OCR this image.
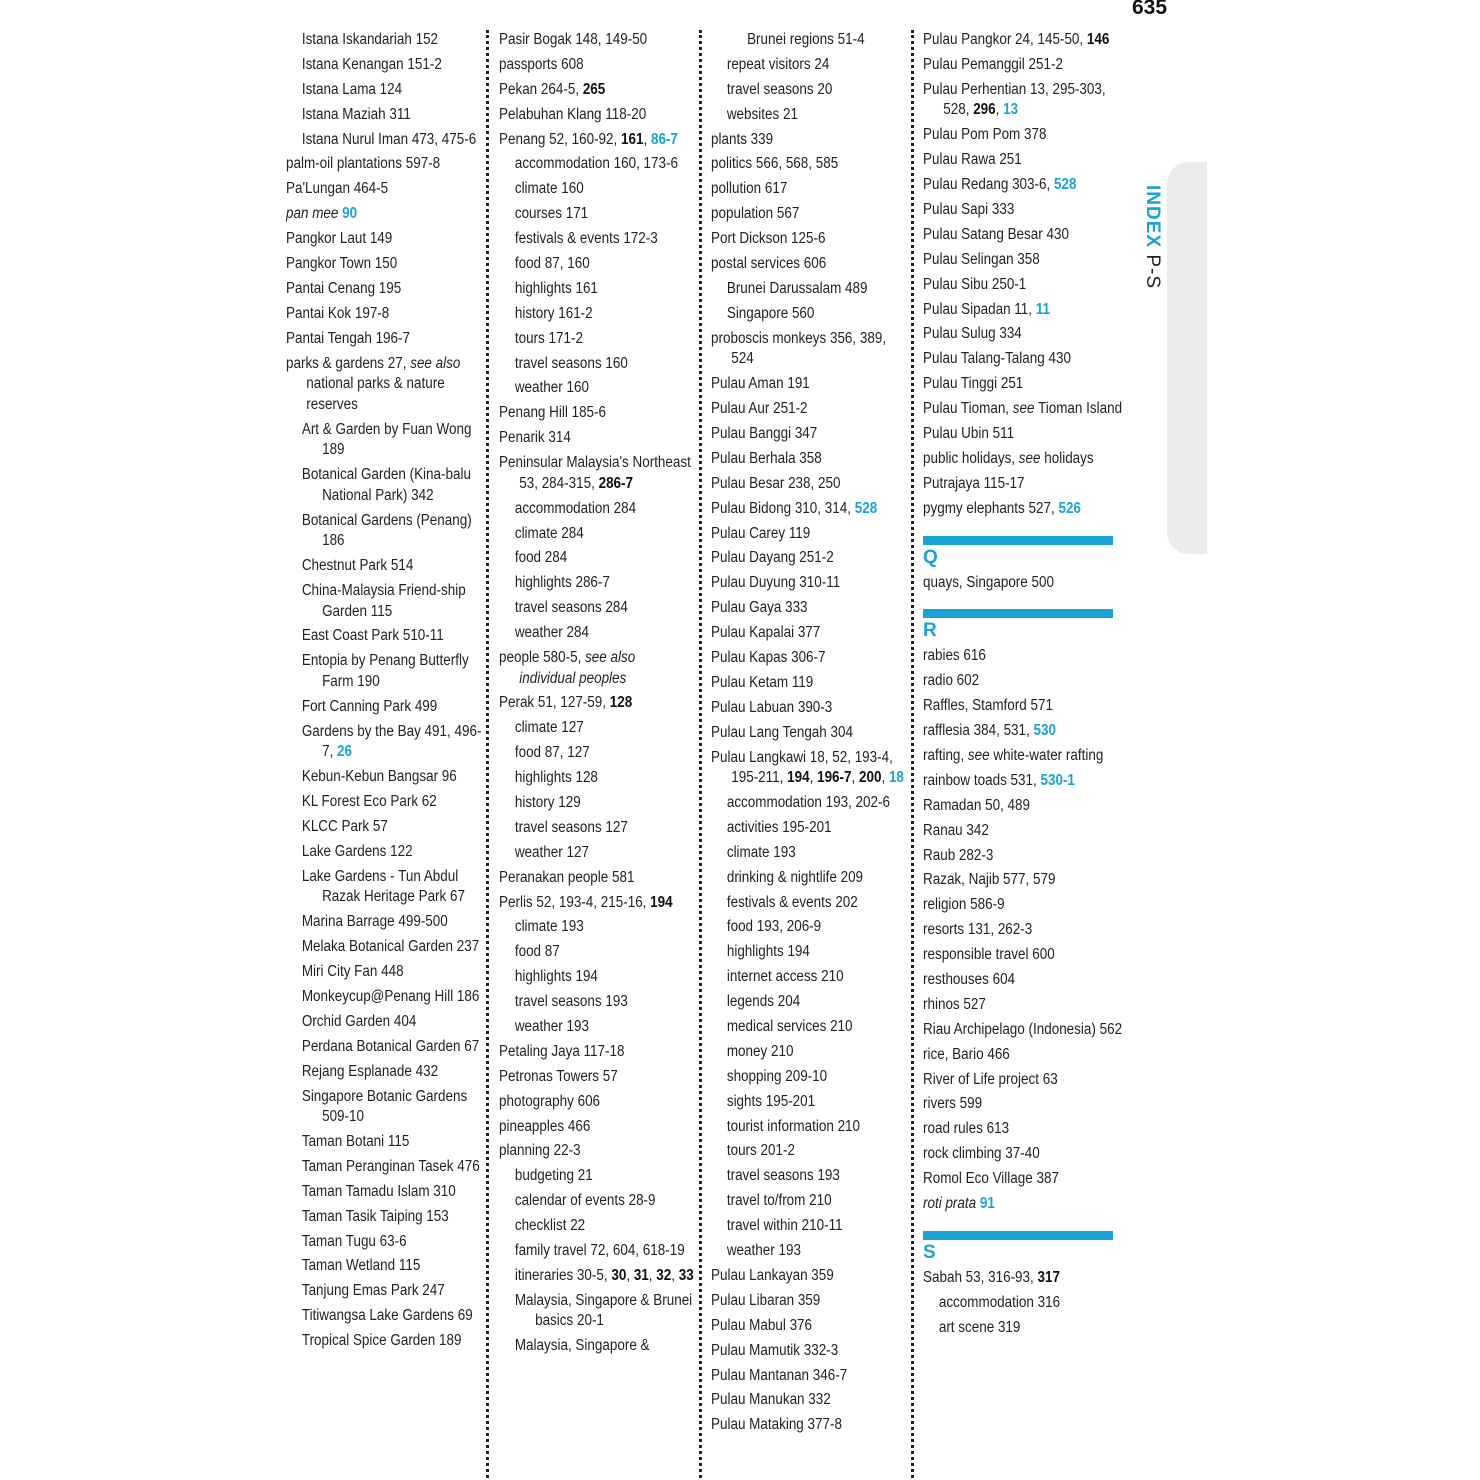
635
Istana Iskandariah 152
Istana Kenangan 151-2
Istana Lama 124
Istana Maziah 311
Istana Nurul Iman 473, 475-6
palm-oil plantations 597-8
Pa'Lungan 464-5
pan mee 90
Pangkor Laut 149
Pangkor Town 150
Pantai Cenang 195
Pantai Kok 197-8
Pantai Tengah 196-7
parks & gardens 27, see also national parks & nature reserves
Art & Garden by Fuan Wong 189
Botanical Garden (Kina-balu National Park) 342
Botanical Gardens (Penang) 186
Chestnut Park 514
China-Malaysia Friend-ship Garden 115
East Coast Park 510-11
Entopia by Penang Butterfly Farm 190
Fort Canning Park 499
Gardens by the Bay 491, 496-7, 26
Kebun-Kebun Bangsar 96
KL Forest Eco Park 62
KLCC Park 57
Lake Gardens 122
Lake Gardens - Tun Abdul Razak Heritage Park 67
Marina Barrage 499-500
Melaka Botanical Garden 237
Miri City Fan 448
Monkeycup@Penang Hill 186
Orchid Garden 404
Perdana Botanical Garden 67
Rejang Esplanade 432
Singapore Botanic Gardens 509-10
Taman Botani 115
Taman Peranginan Tasek 476
Taman Tamadu Islam 310
Taman Tasik Taiping 153
Taman Tugu 63-6
Taman Wetland 115
Tanjung Emas Park 247
Titiwangsa Lake Gardens 69
Tropical Spice Garden 189
Pasir Bogak 148, 149-50
passports 608
Pekan 264-5, 265
Pelabuhan Klang 118-20
Penang 52, 160-92, 161, 86-7
accommodation 160, 173-6
climate 160
courses 171
festivals & events 172-3
food 87, 160
highlights 161
history 161-2
tours 171-2
travel seasons 160
weather 160
Penang Hill 185-6
Penarik 314
Peninsular Malaysia's Northeast 53, 284-315, 286-7
accommodation 284
climate 284
food 284
highlights 286-7
travel seasons 284
weather 284
people 580-5, see also individual peoples
Perak 51, 127-59, 128
climate 127
food 87, 127
highlights 128
history 129
travel seasons 127
weather 127
Peranakan people 581
Perlis 52, 193-4, 215-16, 194
climate 193
food 87
highlights 194
travel seasons 193
weather 193
Petaling Jaya 117-18
Petronas Towers 57
photography 606
pineapples 466
planning 22-3
budgeting 21
calendar of events 28-9
checklist 22
family travel 72, 604, 618-19
itineraries 30-5, 30, 31, 32, 33
Malaysia, Singapore & Brunei basics 20-1
Malaysia, Singapore &
Brunei regions 51-4
repeat visitors 24
travel seasons 20
websites 21
plants 339
politics 566, 568, 585
pollution 617
population 567
Port Dickson 125-6
postal services 606
Brunei Darussalam 489
Singapore 560
proboscis monkeys 356, 389, 524
Pulau Aman 191
Pulau Aur 251-2
Pulau Banggi 347
Pulau Berhala 358
Pulau Besar 238, 250
Pulau Bidong 310, 314, 528
Pulau Carey 119
Pulau Dayang 251-2
Pulau Duyung 310-11
Pulau Gaya 333
Pulau Kapalai 377
Pulau Kapas 306-7
Pulau Ketam 119
Pulau Labuan 390-3
Pulau Lang Tengah 304
Pulau Langkawi 18, 52, 193-4, 195-211, 194, 196-7, 200, 18
accommodation 193, 202-6
activities 195-201
climate 193
drinking & nightlife 209
festivals & events 202
food 193, 206-9
highlights 194
internet access 210
legends 204
medical services 210
money 210
shopping 209-10
sights 195-201
tourist information 210
tours 201-2
travel seasons 193
travel to/from 210
travel within 210-11
weather 193
Pulau Lankayan 359
Pulau Libaran 359
Pulau Mabul 376
Pulau Mamutik 332-3
Pulau Mantanan 346-7
Pulau Manukan 332
Pulau Mataking 377-8
Pulau Pangkor 24, 145-50, 146
Pulau Pemanggil 251-2
Pulau Perhentian 13, 295-303, 528, 296, 13
Pulau Pom Pom 378
Pulau Rawa 251
Pulau Redang 303-6, 528
Pulau Sapi 333
Pulau Satang Besar 430
Pulau Selingan 358
Pulau Sibu 250-1
Pulau Sipadan 11, 11
Pulau Sulug 334
Pulau Talang-Talang 430
Pulau Tinggi 251
Pulau Tioman, see Tioman Island
Pulau Ubin 511
public holidays, see holidays
Putrajaya 115-17
pygmy elephants 527, 526
Q
quays, Singapore 500
R
rabies 616
radio 602
Raffles, Stamford 571
rafflesia 384, 531, 530
rafting, see white-water rafting
rainbow toads 531, 530-1
Ramadan 50, 489
Ranau 342
Raub 282-3
Razak, Najib 577, 579
religion 586-9
resorts 131, 262-3
responsible travel 600
resthouses 604
rhinos 527
Riau Archipelago (Indonesia) 562
rice, Bario 466
River of Life project 63
rivers 599
road rules 613
rock climbing 37-40
Romol Eco Village 387
roti prata 91
S
Sabah 53, 316-93, 317
accommodation 316
art scene 319
INDEX P-S
